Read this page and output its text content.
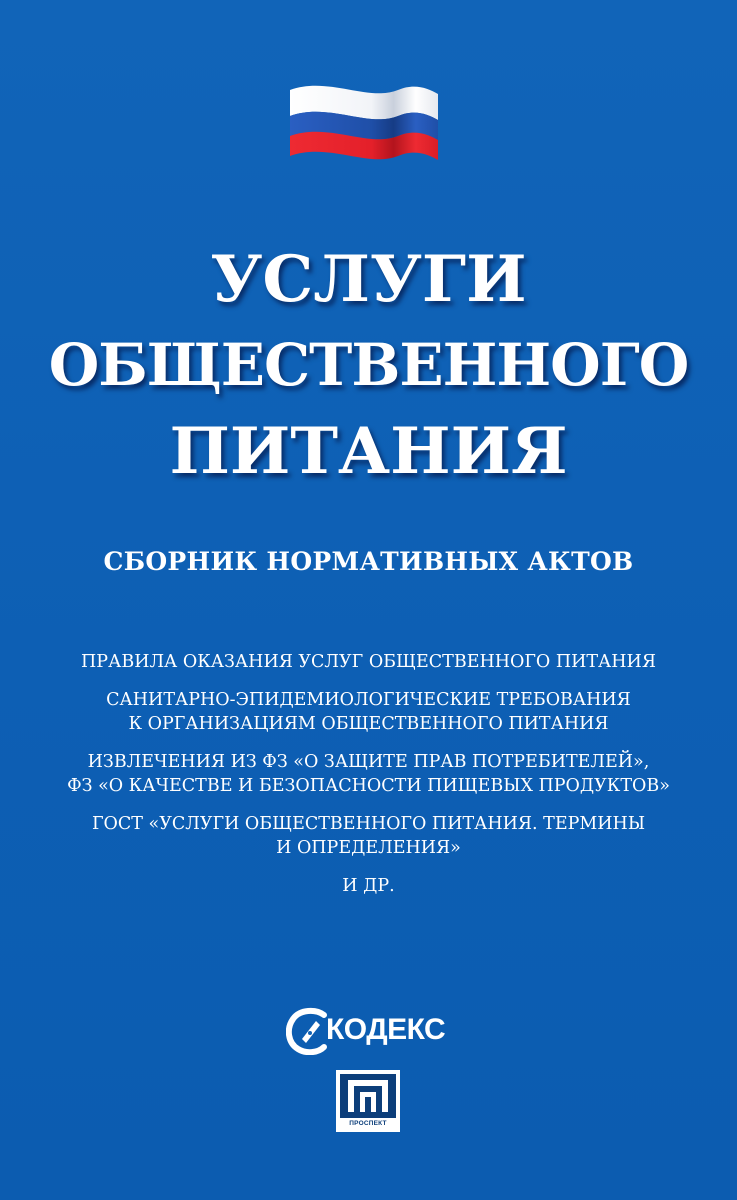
УСЛУГИ
ОБЩЕСТВЕННОГО
ПИТАНИЯ
СБОРНИК НОРМАТИВНЫХ АКТОВ
ПРАВИЛА ОКАЗАНИЯ УСЛУГ ОБЩЕСТВЕННОГО ПИТАНИЯ
САНИТАРНО-ЭПИДЕМИОЛОГИЧЕСКИЕ ТРЕБОВАНИЯ
К ОРГАНИЗАЦИЯМ ОБЩЕСТВЕННОГО ПИТАНИЯ
ИЗВЛЕЧЕНИЯ ИЗ ФЗ «О ЗАЩИТЕ ПРАВ ПОТРЕБИТЕЛЕЙ»,
ФЗ «О КАЧЕСТВЕ И БЕЗОПАСНОСТИ ПИЩЕВЫХ ПРОДУКТОВ»
ГОСТ «УСЛУГИ ОБЩЕСТВЕННОГО ПИТАНИЯ. ТЕРМИНЫ
И ОПРЕДЕЛЕНИЯ»
И ДР.
КОДЕКС
ПРОСПЕКТ
